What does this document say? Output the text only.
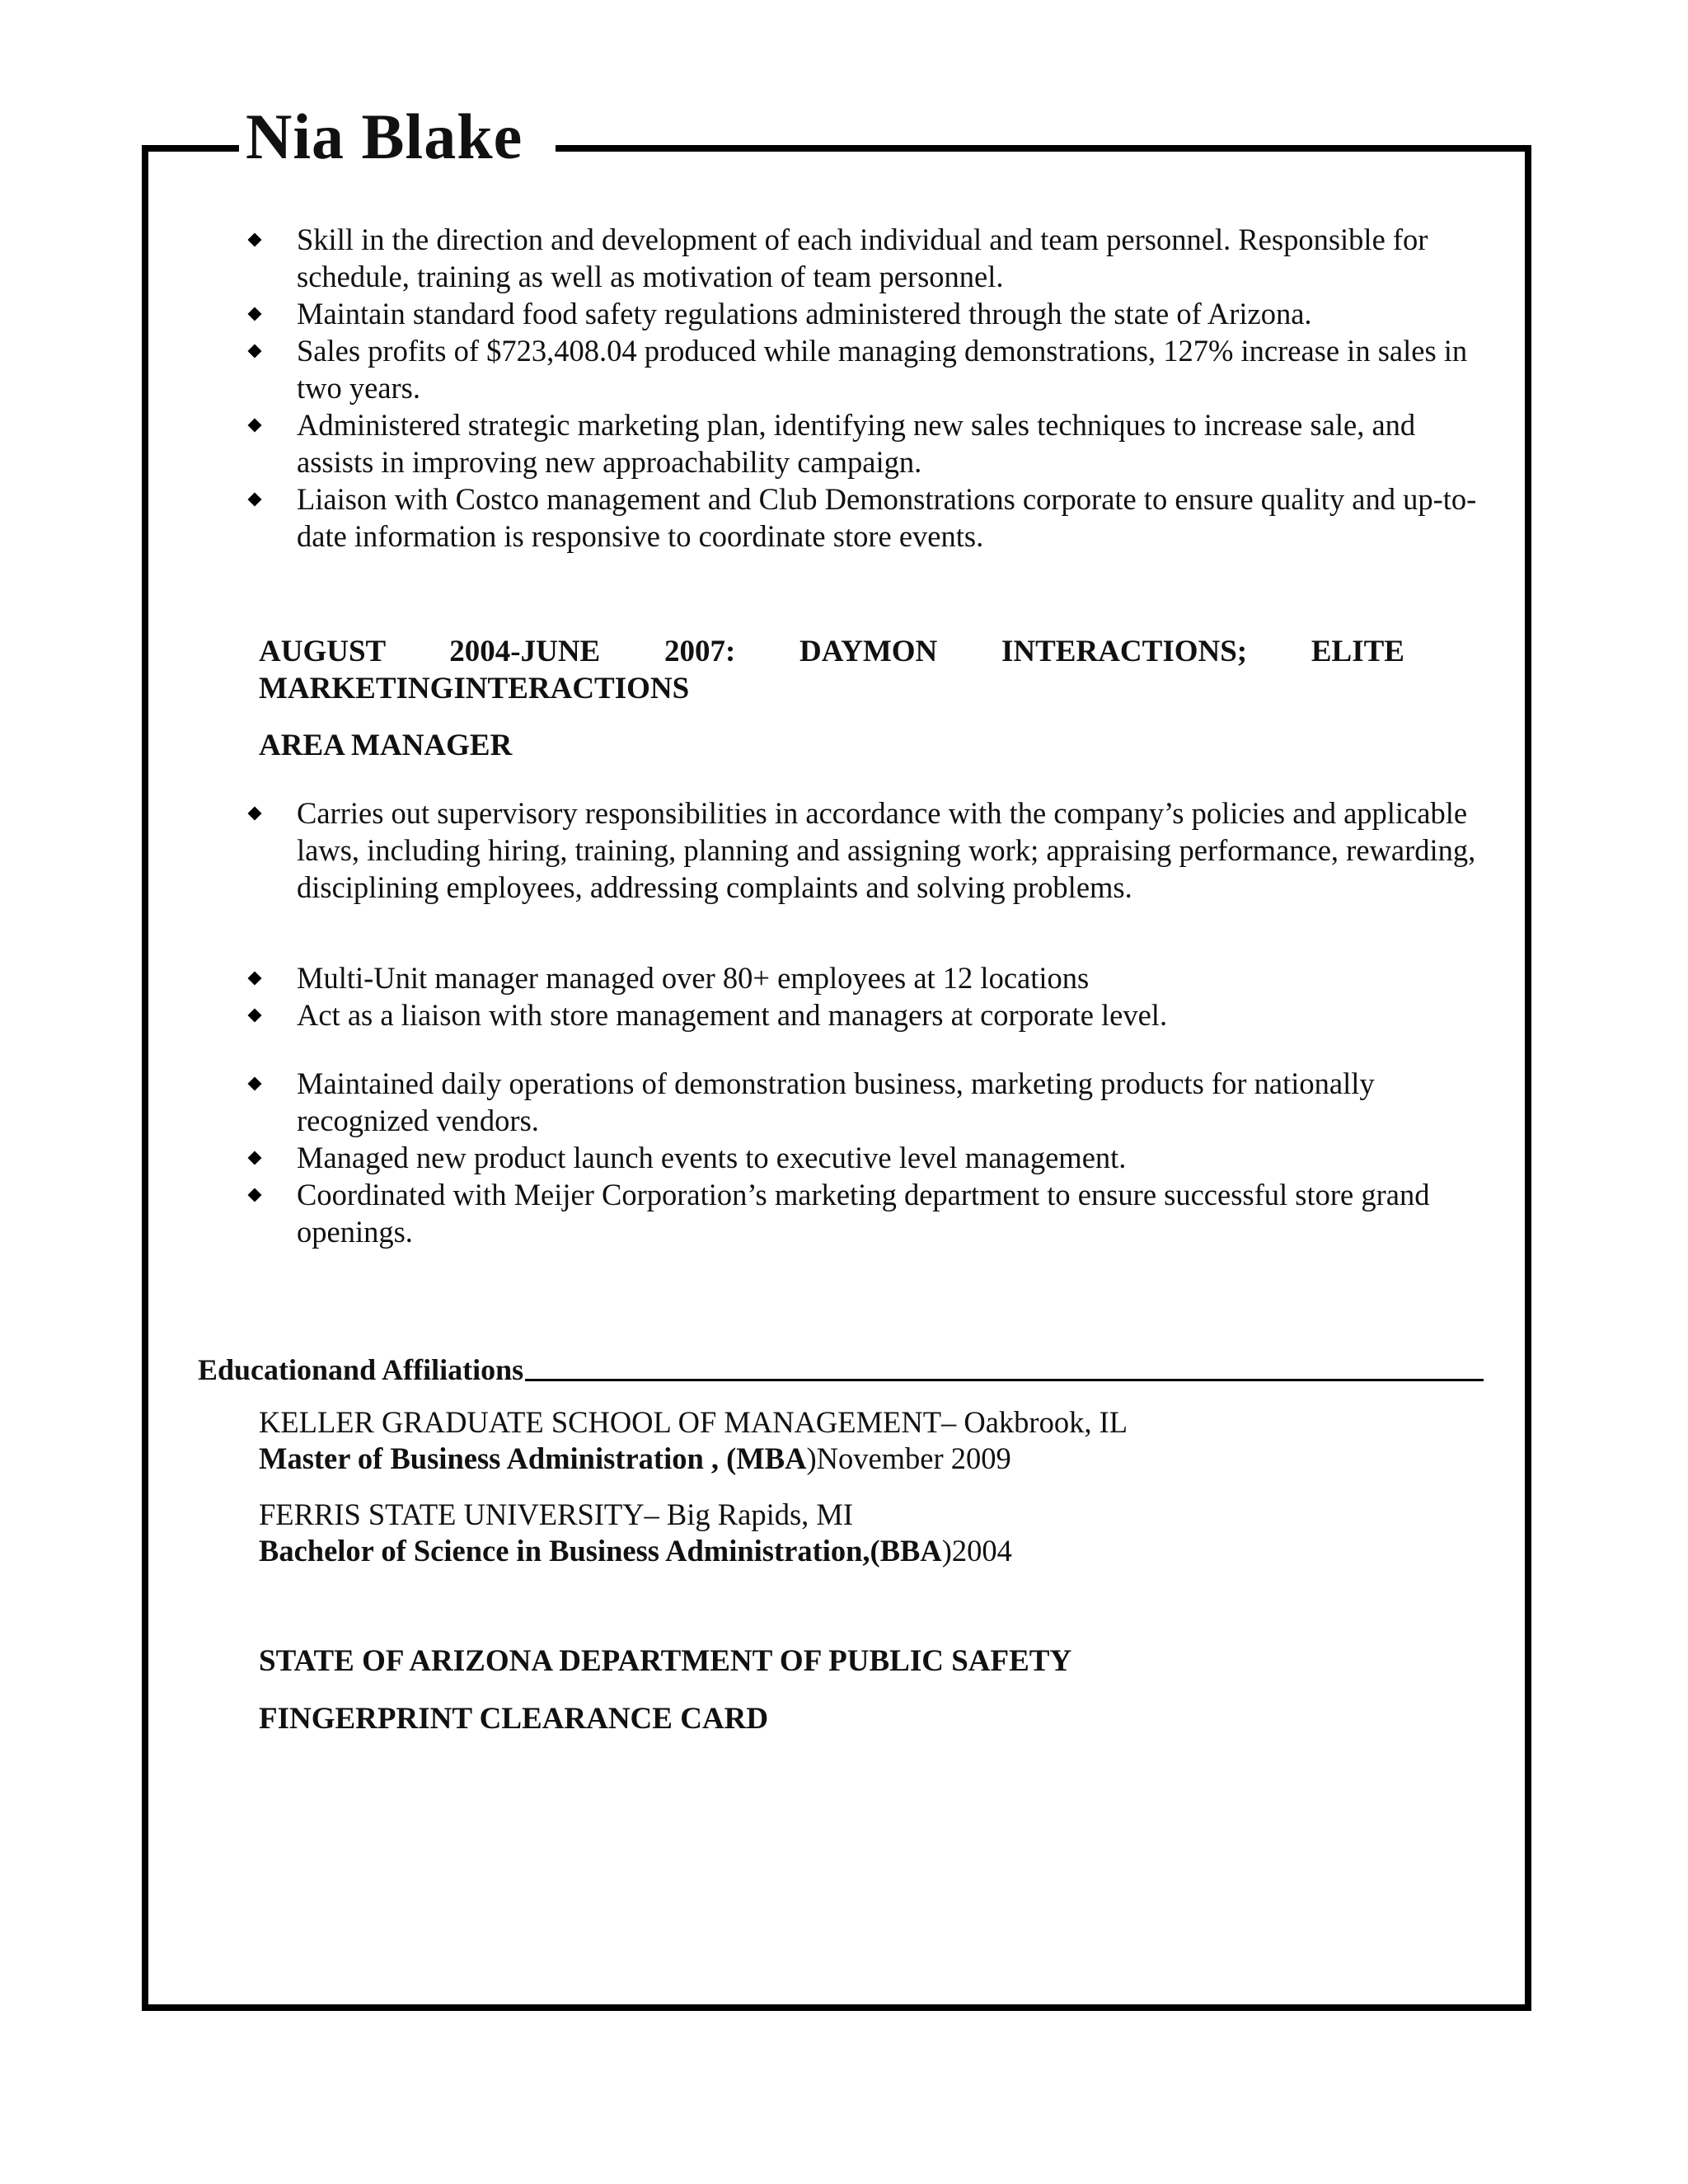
Nia Blake
Skill in the direction and development of each individual and team personnel. Responsible for schedule, training as well as motivation of team personnel.
Maintain standard food safety regulations administered through the state of Arizona.
Sales profits of $723,408.04 produced while managing demonstrations, 127% increase in sales in two years.
Administered strategic marketing plan, identifying new sales techniques to increase sale, and assists in improving new approachability campaign.
Liaison with Costco management and Club Demonstrations corporate to ensure quality and up-to-date information is responsive to coordinate store events.
AUGUST 2004-JUNE 2007: DAYMON INTERACTIONS; ELITE MARKETINGINTERACTIONS
AREA MANAGER
Carries out supervisory responsibilities in accordance with the company’s policies and applicable laws, including hiring, training, planning and assigning work; appraising performance, rewarding, disciplining employees, addressing complaints and solving problems.
Multi-Unit manager managed over 80+ employees at 12 locations
Act as a liaison with store management and managers at corporate level.
Maintained daily operations of demonstration business, marketing products for nationally recognized vendors.
Managed new product launch events to executive level management.
Coordinated with Meijer Corporation’s marketing department to ensure successful store grand openings.
Educationand Affiliations
KELLER GRADUATE SCHOOL OF MANAGEMENT– Oakbrook, IL
Master of Business Administration , (MBA)November 2009
FERRIS STATE UNIVERSITY– Big Rapids, MI
Bachelor of Science in Business Administration,(BBA)2004
STATE OF ARIZONA DEPARTMENT OF PUBLIC SAFETY
FINGERPRINT CLEARANCE CARD
